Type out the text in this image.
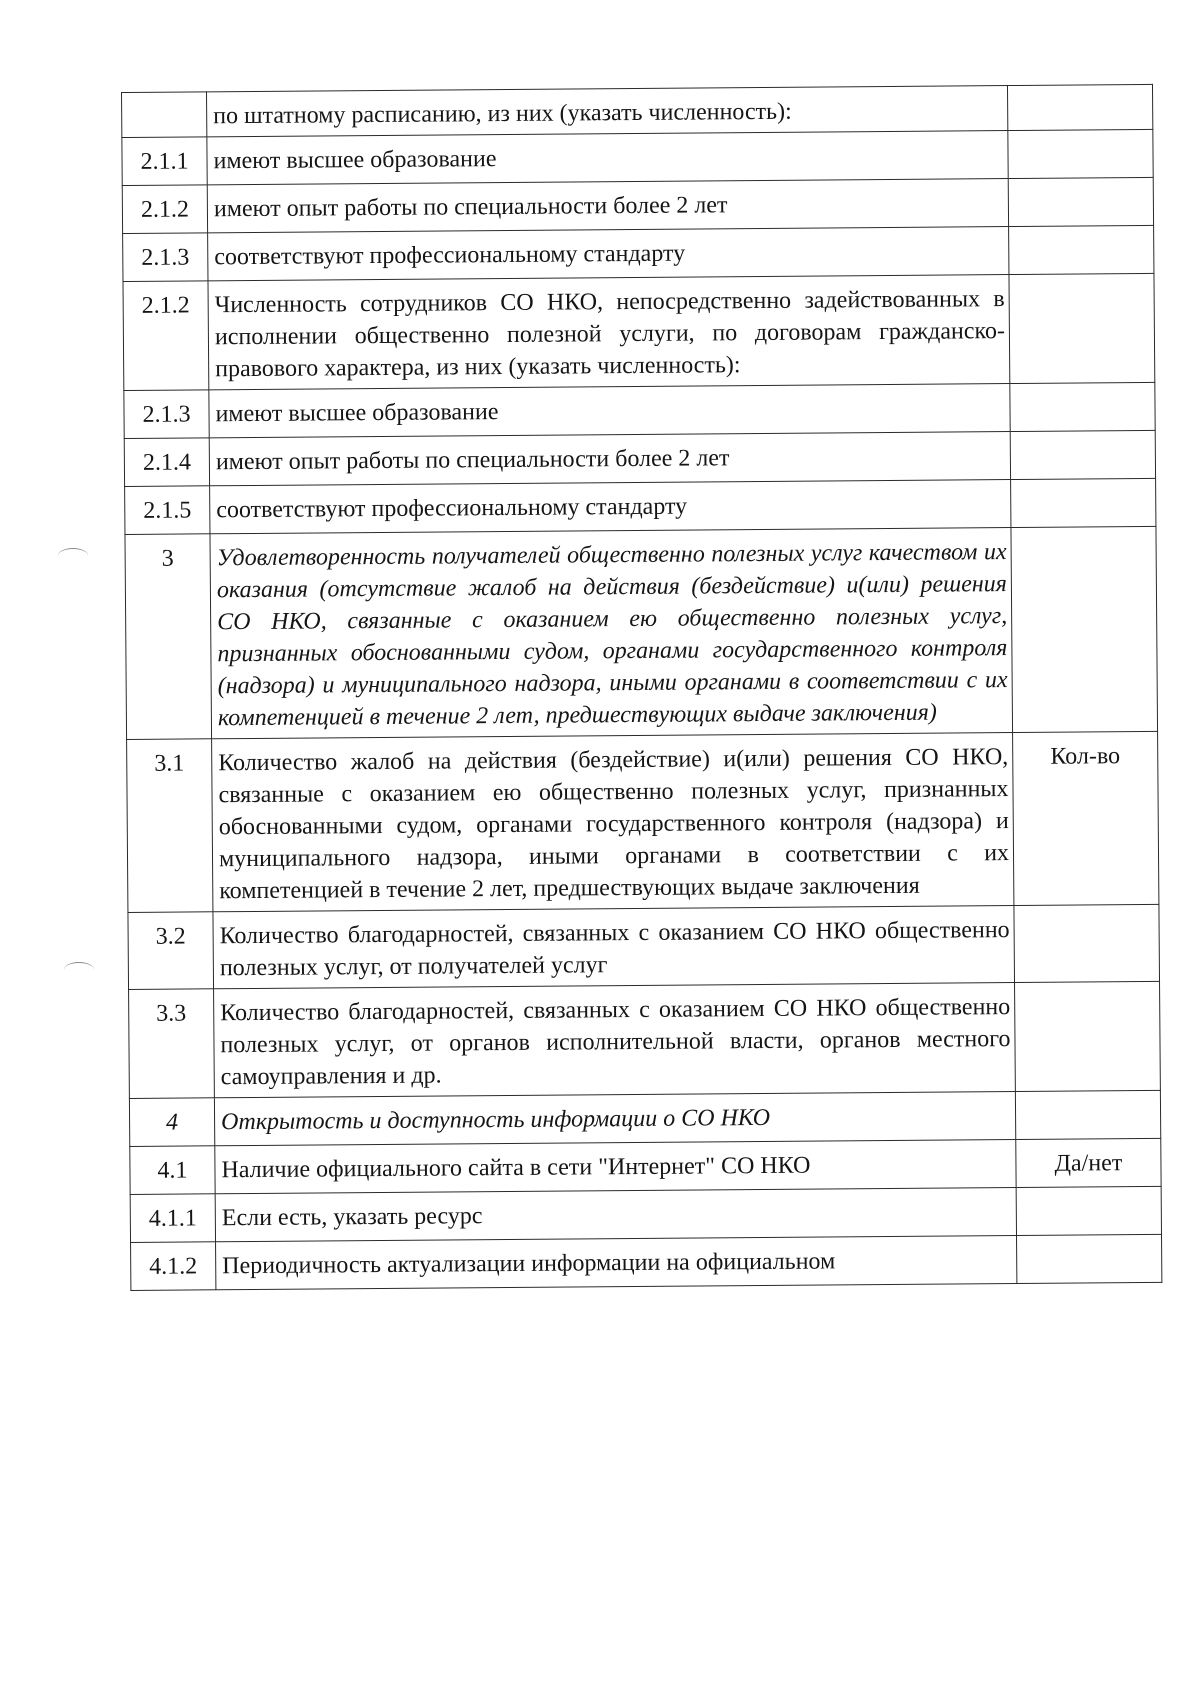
	по штатному расписанию, из них (указать численность):	
2.1.1	имеют высшее образование	
2.1.2	имеют опыт работы по специальности более 2 лет	
2.1.3	соответствуют профессиональному стандарту	
2.1.2	Численность сотрудников СО НКО, непосредственно задействованных в исполнении общественно полезной услуги, по договорам гражданско-правового характера, из них (указать численность):	
2.1.3	имеют высшее образование	
2.1.4	имеют опыт работы по специальности более 2 лет	
2.1.5	соответствуют профессиональному стандарту	
3	Удовлетворенность получателей общественно полезных услуг качеством их оказания (отсутствие жалоб на действия (бездействие) и(или) решения СО НКО, связанные с оказанием ею общественно полезных услуг, признанных обоснованными судом, органами государственного контроля (надзора) и муниципального надзора, иными органами в соответствии с их компетенцией в течение 2 лет, предшествующих выдаче заключения)	
3.1	Количество жалоб на действия (бездействие) и(или) решения СО НКО, связанные с оказанием ею общественно полезных услуг, признанных обоснованными судом, органами государственного контроля (надзора) и муниципального надзора, иными органами в соответствии с их компетенцией в течение 2 лет, предшествующих выдаче заключения	Кол-во
3.2	Количество благодарностей, связанных с оказанием СО НКО общественно полезных услуг, от получателей услуг	
3.3	Количество благодарностей, связанных с оказанием СО НКО общественно полезных услуг, от органов исполнительной власти, органов местного самоуправления и др.	
4	Открытость и доступность информации о СО НКО	
4.1	Наличие официального сайта в сети "Интернет" СО НКО	Да/нет
4.1.1	Если есть, указать ресурс	
4.1.2	Периодичность актуализации информации на официальном	
